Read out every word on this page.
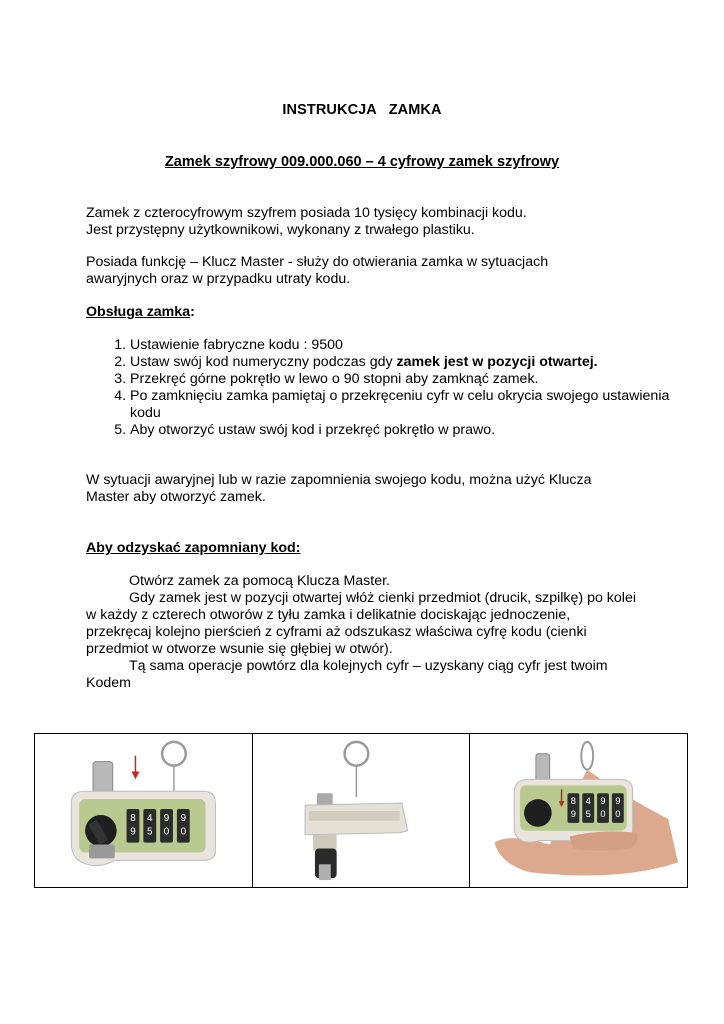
INSTRUKCJA   ZAMKA
Zamek szyfrowy 009.000.060 – 4 cyfrowy zamek szyfrowy
Zamek z czterocyfrowym szyfrem posiada 10 tysięcy kombinacji kodu.
Jest przystępny użytkownikowi, wykonany z trwałego plastiku.
Posiada funkcję – Klucz Master - służy do otwierania zamka w sytuacjach
awaryjnych oraz w przypadku utraty kodu.
Obsługa zamka:
1. Ustawienie fabryczne kodu : 9500
2. Ustaw swój kod numeryczny podczas gdy zamek jest w pozycji otwartej.
3. Przekręć górne pokrętło w lewo o 90 stopni aby zamknąć zamek.
4. Po zamknięciu zamka pamiętaj o przekręceniu cyfr w celu okrycia swojego ustawienia kodu
5. Aby otworzyć ustaw swój kod i przekręć pokrętło w prawo.
W sytuacji awaryjnej lub w razie zapomnienia swojego kodu, można użyć Klucza
Master aby otworzyć zamek.
Aby odzyskać zapomniany kod:
Otwórz zamek za pomocą Klucza Master.
Gdy zamek jest w pozycji otwartej włóż cienki przedmiot (drucik, szpilkę) po kolei w każdy z czterech otworów z tyłu zamka i delikatnie dociskając jednoczenie, przekręcaj kolejno pierścień z cyframi aż odszukasz właściwa cyfrę kodu (cienki przedmiot w otworze wsunie się głębiej w otwór).
Tą sama operacje powtórz dla kolejnych cyfr – uzyskany ciąg cyfr jest twoim Kodem
8 4 9 9
9 5 0 0
8 4 9 9
9 5 0 0
